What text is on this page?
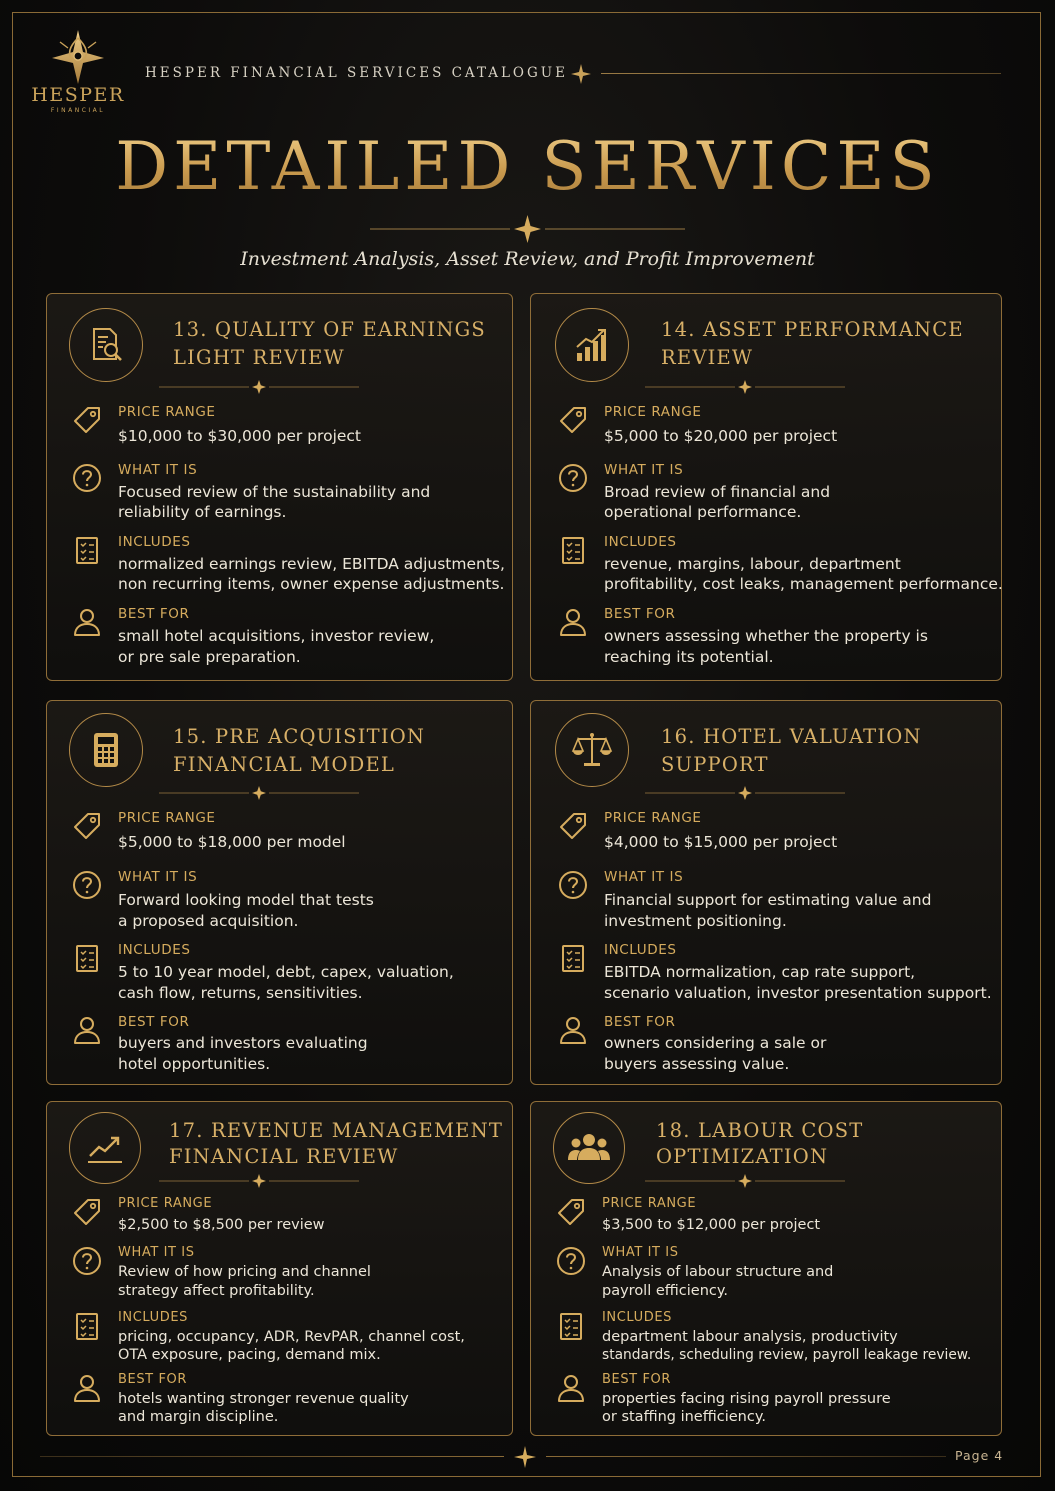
HESPER
FINANCIAL
HESPER FINANCIAL SERVICES CATALOGUE
DETAILED SERVICES
Investment Analysis, Asset Review, and Profit Improvement
13. QUALITY OF EARNINGS
LIGHT REVIEW
PRICE RANGE
$10,000 to $30,000 per project
WHAT IT IS
Focused review of the sustainability and
reliability of earnings.
INCLUDES
normalized earnings review, EBITDA adjustments,
non recurring items, owner expense adjustments.
BEST FOR
small hotel acquisitions, investor review,
or pre sale preparation.
14. ASSET PERFORMANCE
REVIEW
PRICE RANGE
$5,000 to $20,000 per project
WHAT IT IS
Broad review of financial and
operational performance.
INCLUDES
revenue, margins, labour, department
profitability, cost leaks, management performance.
BEST FOR
owners assessing whether the property is
reaching its potential.
15. PRE ACQUISITION
FINANCIAL MODEL
PRICE RANGE
$5,000 to $18,000 per model
WHAT IT IS
Forward looking model that tests
a proposed acquisition.
INCLUDES
5 to 10 year model, debt, capex, valuation,
cash flow, returns, sensitivities.
BEST FOR
buyers and investors evaluating
hotel opportunities.
16. HOTEL VALUATION
SUPPORT
PRICE RANGE
$4,000 to $15,000 per project
WHAT IT IS
Financial support for estimating value and
investment positioning.
INCLUDES
EBITDA normalization, cap rate support,
scenario valuation, investor presentation support.
BEST FOR
owners considering a sale or
buyers assessing value.
17. REVENUE MANAGEMENT
FINANCIAL REVIEW
PRICE RANGE
$2,500 to $8,500 per review
WHAT IT IS
Review of how pricing and channel
strategy affect profitability.
INCLUDES
pricing, occupancy, ADR, RevPAR, channel cost,
OTA exposure, pacing, demand mix.
BEST FOR
hotels wanting stronger revenue quality
and margin discipline.
18. LABOUR COST
OPTIMIZATION
PRICE RANGE
$3,500 to $12,000 per project
WHAT IT IS
Analysis of labour structure and
payroll efficiency.
INCLUDES
department labour analysis, productivity
standards, scheduling review, payroll leakage review.
BEST FOR
properties facing rising payroll pressure
or staffing inefficiency.
Page 4
